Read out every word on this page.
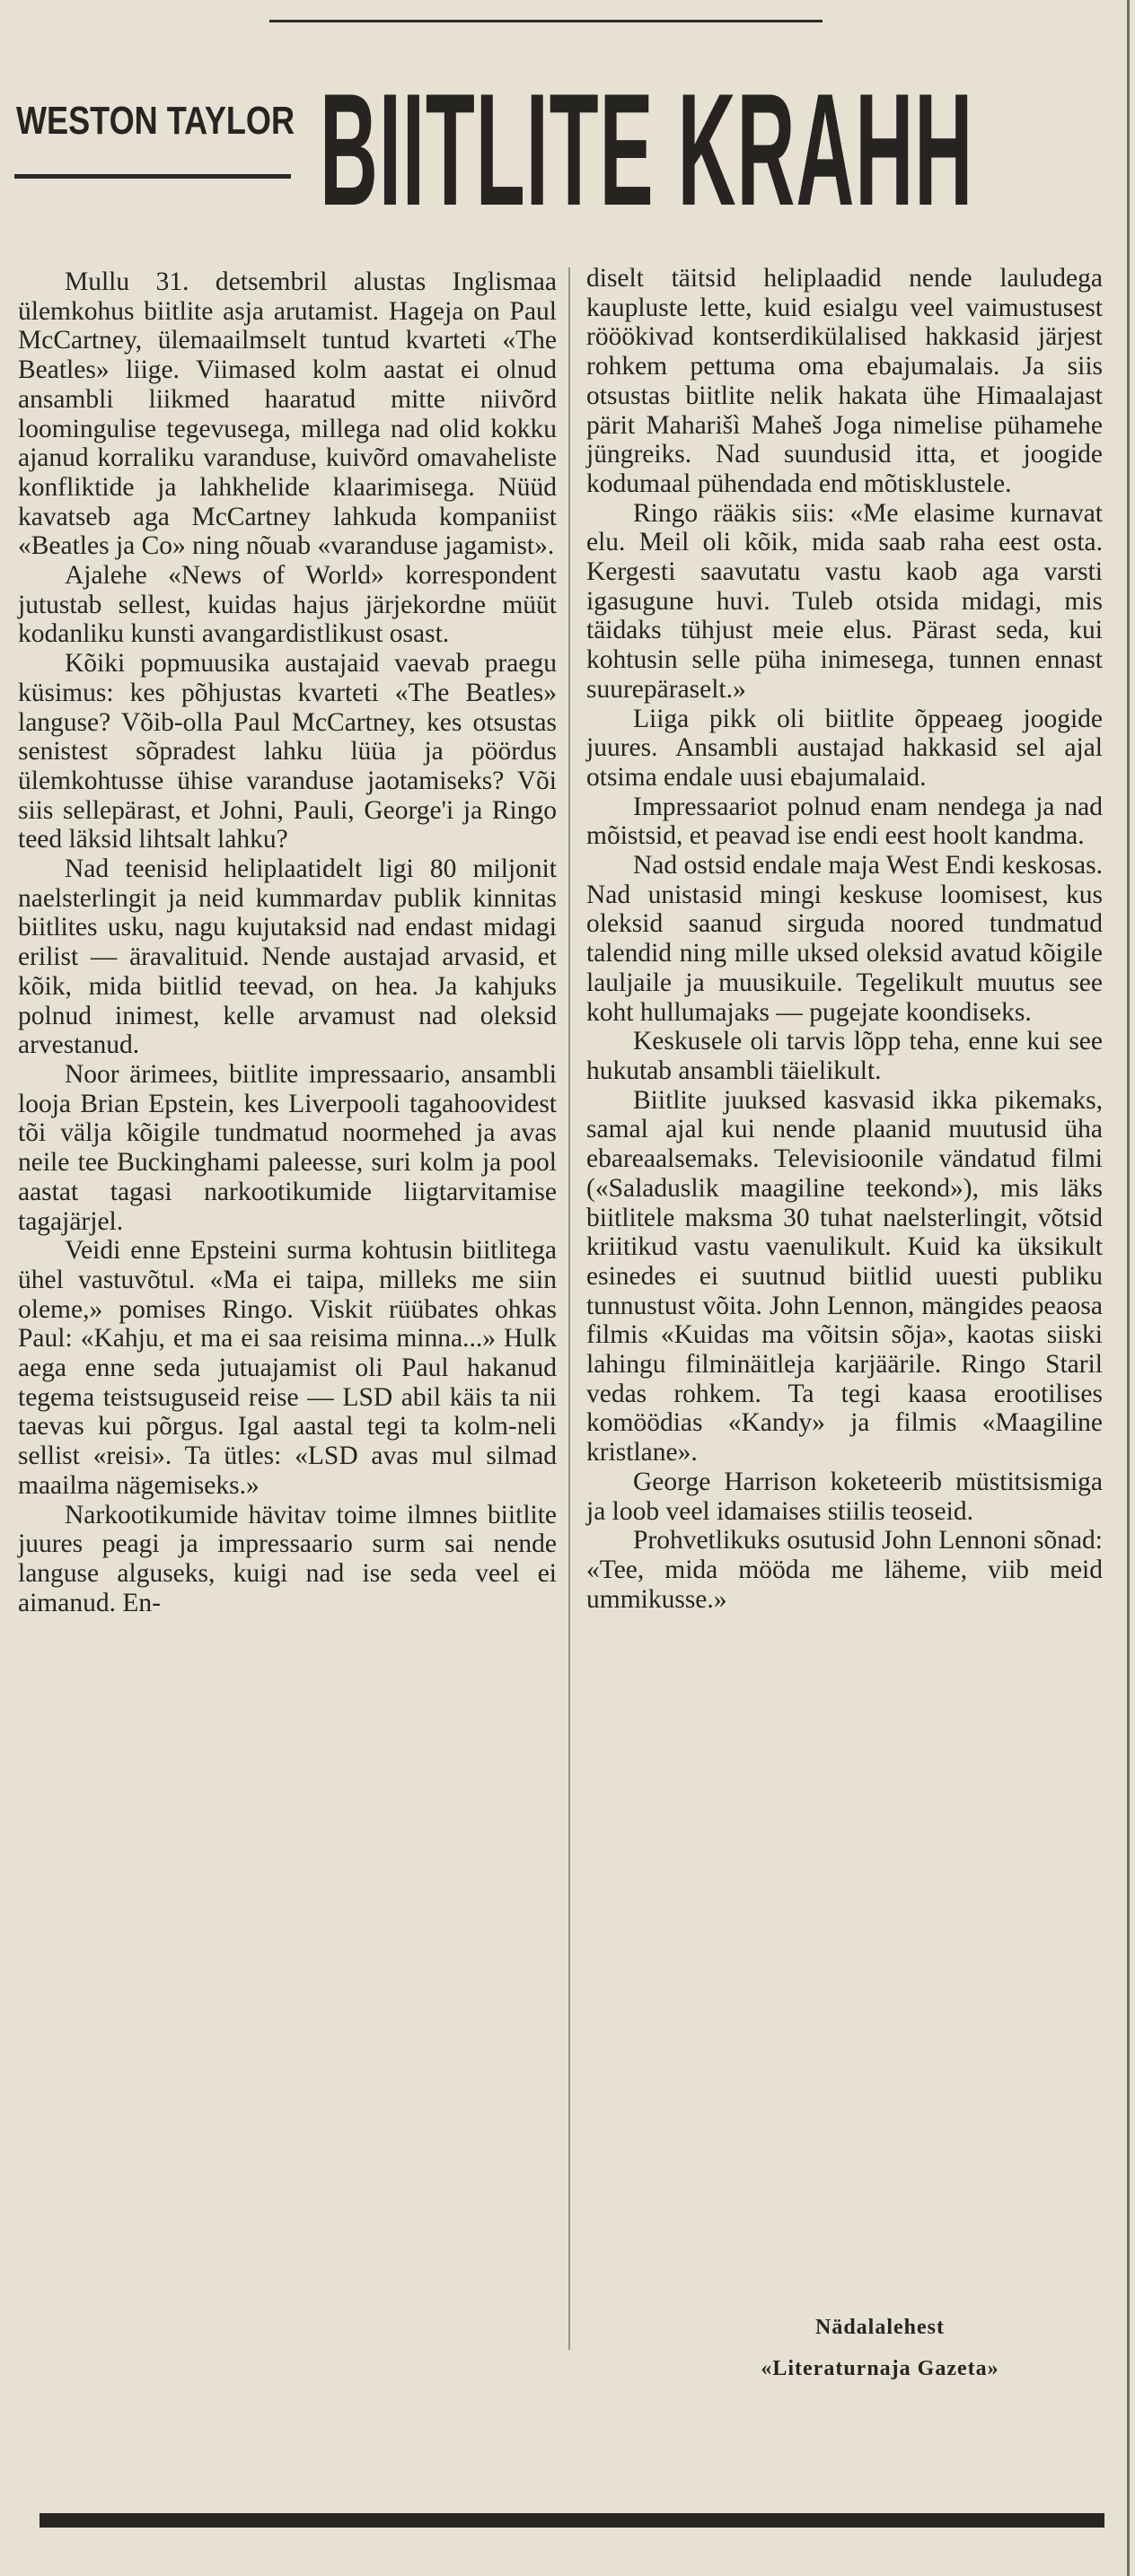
WESTON TAYLOR BIITLITE KRAHH

Mullu 31. detsembril alustas Inglismaa ülemkohus biitlite asja arutamist. Hageja on Paul McCartney, ülemaailmselt tuntud kvarteti «The Beatles» liige. Viimased kolm aastat ei olnud ansambli liikmed haaratud mitte niivõrd loomingulise tegevusega, millega nad olid kokku ajanud korraliku varanduse, kuivõrd omavaheliste konfliktide ja lahkhelide klaarimisega. Nüüd kavatseb aga McCartney lahkuda kompaniist «Beatles ja Co» ning nõuab «varanduse jagamist».

Ajalehe «News of World» korrespondent jutustab sellest, kuidas hajus järjekordne müüt kodanliku kunsti avangardistlikust osast.

Kõiki popmuusika austajaid vaevab praegu küsimus: kes põhjustas kvarteti «The Beatles» languse? Võib-olla Paul McCartney, kes otsustas senistest sõpradest lahku lüüa ja pöördus ülemkohtusse ühise varanduse jaotamiseks? Või siis sellepärast, et Johni, Pauli, George'i ja Ringo teed läksid lihtsalt lahku?

Nad teenisid heliplaatidelt ligi 80 miljonit naelsterlingit ja neid kummardav publik kinnitas biitlites usku, nagu kujutaksid nad endast midagi erilist — äravalituid. Nende austajad arvasid, et kõik, mida biitlid teevad, on hea. Ja kahjuks polnud inimest, kelle arvamust nad oleksid arvestanud.

Noor ärimees, biitlite impressaario, ansambli looja Brian Epstein, kes Liverpooli tagahoovidest tõi välja kõigile tundmatud noormehed ja avas neile tee Buckinghami paleesse, suri kolm ja pool aastat tagasi narkootikumide liigtarvitamise tagajärjel.

Veidi enne Epsteini surma kohtusin biitlitega ühel vastuvõtul. «Ma ei taipa, milleks me siin oleme,» pomises Ringo. Viskit rüübates ohkas Paul: «Kahju, et ma ei saa reisima minna...» Hulk aega enne seda jutuajamist oli Paul hakanud tegema teistsuguseid reise — LSD abil käis ta nii taevas kui põrgus. Igal aastal tegi ta kolm-neli sellist «reisi». Ta ütles: «LSD avas mul silmad maailma nägemiseks.»

Narkootikumide hävitav toime ilmnes biitlite juures peagi ja impressaario surm sai nende languse alguseks, kuigi nad ise seda veel ei aimanud. En-

diselt täitsid heliplaadid nende lauludega kaupluste lette, kuid esialgu veel vaimustusest rööökivad kontserdikülalised hakkasid järjest rohkem pettuma oma ebajumalais. Ja siis otsustas biitlite nelik hakata ühe Himaalajast pärit Maharišì Maheš Joga nimelise pühamehe jüngreiks. Nad suundusid itta, et joogide kodumaal pühendada end mõtisklustele.

Ringo rääkis siis: «Me elasime kurnavat elu. Meil oli kõik, mida saab raha eest osta. Kergesti saavutatu vastu kaob aga varsti igasugune huvi. Tuleb otsida midagi, mis täidaks tühjust meie elus. Pärast seda, kui kohtusin selle püha inimesega, tunnen ennast suurepäraselt.»

Liiga pikk oli biitlite õppeaeg joogide juures. Ansambli austajad hakkasid sel ajal otsima endale uusi ebajumalaid.

Impressaariot polnud enam nendega ja nad mõistsid, et peavad ise endi eest hoolt kandma.

Nad ostsid endale maja West Endi keskosas. Nad unistasid mingi keskuse loomisest, kus oleksid saanud sirguda noored tundmatud talendid ning mille uksed oleksid avatud kõigile lauljaile ja muusikuile. Tegelikult muutus see koht hullumajaks — pugejate koondiseks.

Keskusele oli tarvis lõpp teha, enne kui see hukutab ansambli täielikult.

Biitlite juuksed kasvasid ikka pikemaks, samal ajal kui nende plaanid muutusid üha ebareaalsemaks. Televisioonile vändatud filmi («Saladuslik maagiline teekond»), mis läks biitlitele maksma 30 tuhat naelsterlingit, võtsid kriitikud vastu vaenulikult. Kuid ka üksikult esinedes ei suutnud biitlid uuesti publiku tunnustust võita. John Lennon, mängides peaosa filmis «Kuidas ma võitsin sõja», kaotas siiski lahingu filminäitleja karjäärile. Ringo Staril vedas rohkem. Ta tegi kaasa erootilises komöödias «Kandy» ja filmis «Maagiline kristlane».

George Harrison koketeerib müstitsismiga ja loob veel idamaises stiilis teoseid.

Prohvetlikuks osutusid John Lennoni sõnad: «Tee, mida mööda me läheme, viib meid ummikusse.»

Nädalalehest
«Literaturnaja Gazeta»
